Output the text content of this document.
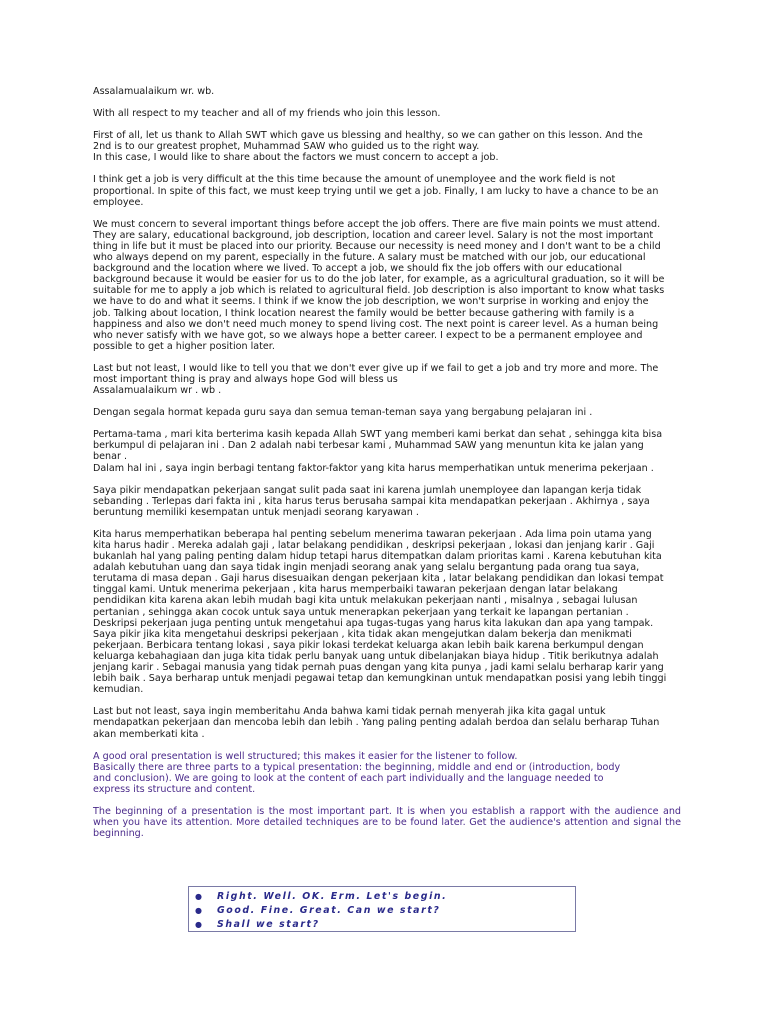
Assalamualaikum wr. wb.

With all respect to my teacher and all of my friends who join this lesson.

First of all, let us thank to Allah SWT which gave us blessing and healthy, so we can gather on this lesson. And the
2nd is to our greatest prophet, Muhammad SAW who guided us to the right way.
In this case, I would like to share about the factors we must concern to accept a job.

I think get a job is very difficult at the this time because the amount of unemployee and the work field is not
proportional. In spite of this fact, we must keep trying until we get a job. Finally, I am lucky to have a chance to be an
employee.

We must concern to several important things before accept the job offers. There are five main points we must attend.
They are salary, educational background, job description, location and career level. Salary is not the most important
thing in life but it must be placed into our priority. Because our necessity is need money and I don't want to be a child
who always depend on my parent, especially in the future. A salary must be matched with our job, our educational
background and the location where we lived. To accept a job, we should fix the job offers with our educational
background because it would be easier for us to do the job later, for example, as a agricultural graduation, so it will be
suitable for me to apply a job which is related to agricultural field. Job description is also important to know what tasks
we have to do and what it seems. I think if we know the job description, we won't surprise in working and enjoy the
job. Talking about location, I think location nearest the family would be better because gathering with family is a
happiness and also we don't need much money to spend living cost. The next point is career level. As a human being
who never satisfy with we have got, so we always hope a better career. I expect to be a permanent employee and
possible to get a higher position later.

Last but not least, I would like to tell you that we don't ever give up if we fail to get a job and try more and more. The
most important thing is pray and always hope God will bless us
Assalamualaikum wr . wb .

Dengan segala hormat kepada guru saya dan semua teman-teman saya yang bergabung pelajaran ini .

Pertama-tama , mari kita berterima kasih kepada Allah SWT yang memberi kami berkat dan sehat , sehingga kita bisa
berkumpul di pelajaran ini . Dan 2 adalah nabi terbesar kami , Muhammad SAW yang menuntun kita ke jalan yang
benar .
Dalam hal ini , saya ingin berbagi tentang faktor-faktor yang kita harus memperhatikan untuk menerima pekerjaan .

Saya pikir mendapatkan pekerjaan sangat sulit pada saat ini karena jumlah unemployee dan lapangan kerja tidak
sebanding . Terlepas dari fakta ini , kita harus terus berusaha sampai kita mendapatkan pekerjaan . Akhirnya , saya
beruntung memiliki kesempatan untuk menjadi seorang karyawan .

Kita harus memperhatikan beberapa hal penting sebelum menerima tawaran pekerjaan . Ada lima poin utama yang
kita harus hadir . Mereka adalah gaji , latar belakang pendidikan , deskripsi pekerjaan , lokasi dan jenjang karir . Gaji
bukanlah hal yang paling penting dalam hidup tetapi harus ditempatkan dalam prioritas kami . Karena kebutuhan kita
adalah kebutuhan uang dan saya tidak ingin menjadi seorang anak yang selalu bergantung pada orang tua saya,
terutama di masa depan . Gaji harus disesuaikan dengan pekerjaan kita , latar belakang pendidikan dan lokasi tempat
tinggal kami. Untuk menerima pekerjaan , kita harus memperbaiki tawaran pekerjaan dengan latar belakang
pendidikan kita karena akan lebih mudah bagi kita untuk melakukan pekerjaan nanti , misalnya , sebagai lulusan
pertanian , sehingga akan cocok untuk saya untuk menerapkan pekerjaan yang terkait ke lapangan pertanian .
Deskripsi pekerjaan juga penting untuk mengetahui apa tugas-tugas yang harus kita lakukan dan apa yang tampak.
Saya pikir jika kita mengetahui deskripsi pekerjaan , kita tidak akan mengejutkan dalam bekerja dan menikmati
pekerjaan. Berbicara tentang lokasi , saya pikir lokasi terdekat keluarga akan lebih baik karena berkumpul dengan
keluarga kebahagiaan dan juga kita tidak perlu banyak uang untuk dibelanjakan biaya hidup . Titik berikutnya adalah
jenjang karir . Sebagai manusia yang tidak pernah puas dengan yang kita punya , jadi kami selalu berharap karir yang
lebih baik . Saya berharap untuk menjadi pegawai tetap dan kemungkinan untuk mendapatkan posisi yang lebih tinggi
kemudian.

Last but not least, saya ingin memberitahu Anda bahwa kami tidak pernah menyerah jika kita gagal untuk
mendapatkan pekerjaan dan mencoba lebih dan lebih . Yang paling penting adalah berdoa dan selalu berharap Tuhan
akan memberkati kita .

A good oral presentation is well structured; this makes it easier for the listener to follow.
Basically there are three parts to a typical presentation: the beginning, middle and end or (introduction, body
and conclusion). We are going to look at the content of each part individually and the language needed to
express its structure and content.

The beginning of a presentation is the most important part. It is when you establish a rapport with the audience and when you have its attention. More detailed techniques are to be found later. Get the audience's attention and signal the beginning.

●	Right. Well. OK. Erm. Let's begin.
●	Good. Fine. Great. Can we start?
●	Shall we start?
